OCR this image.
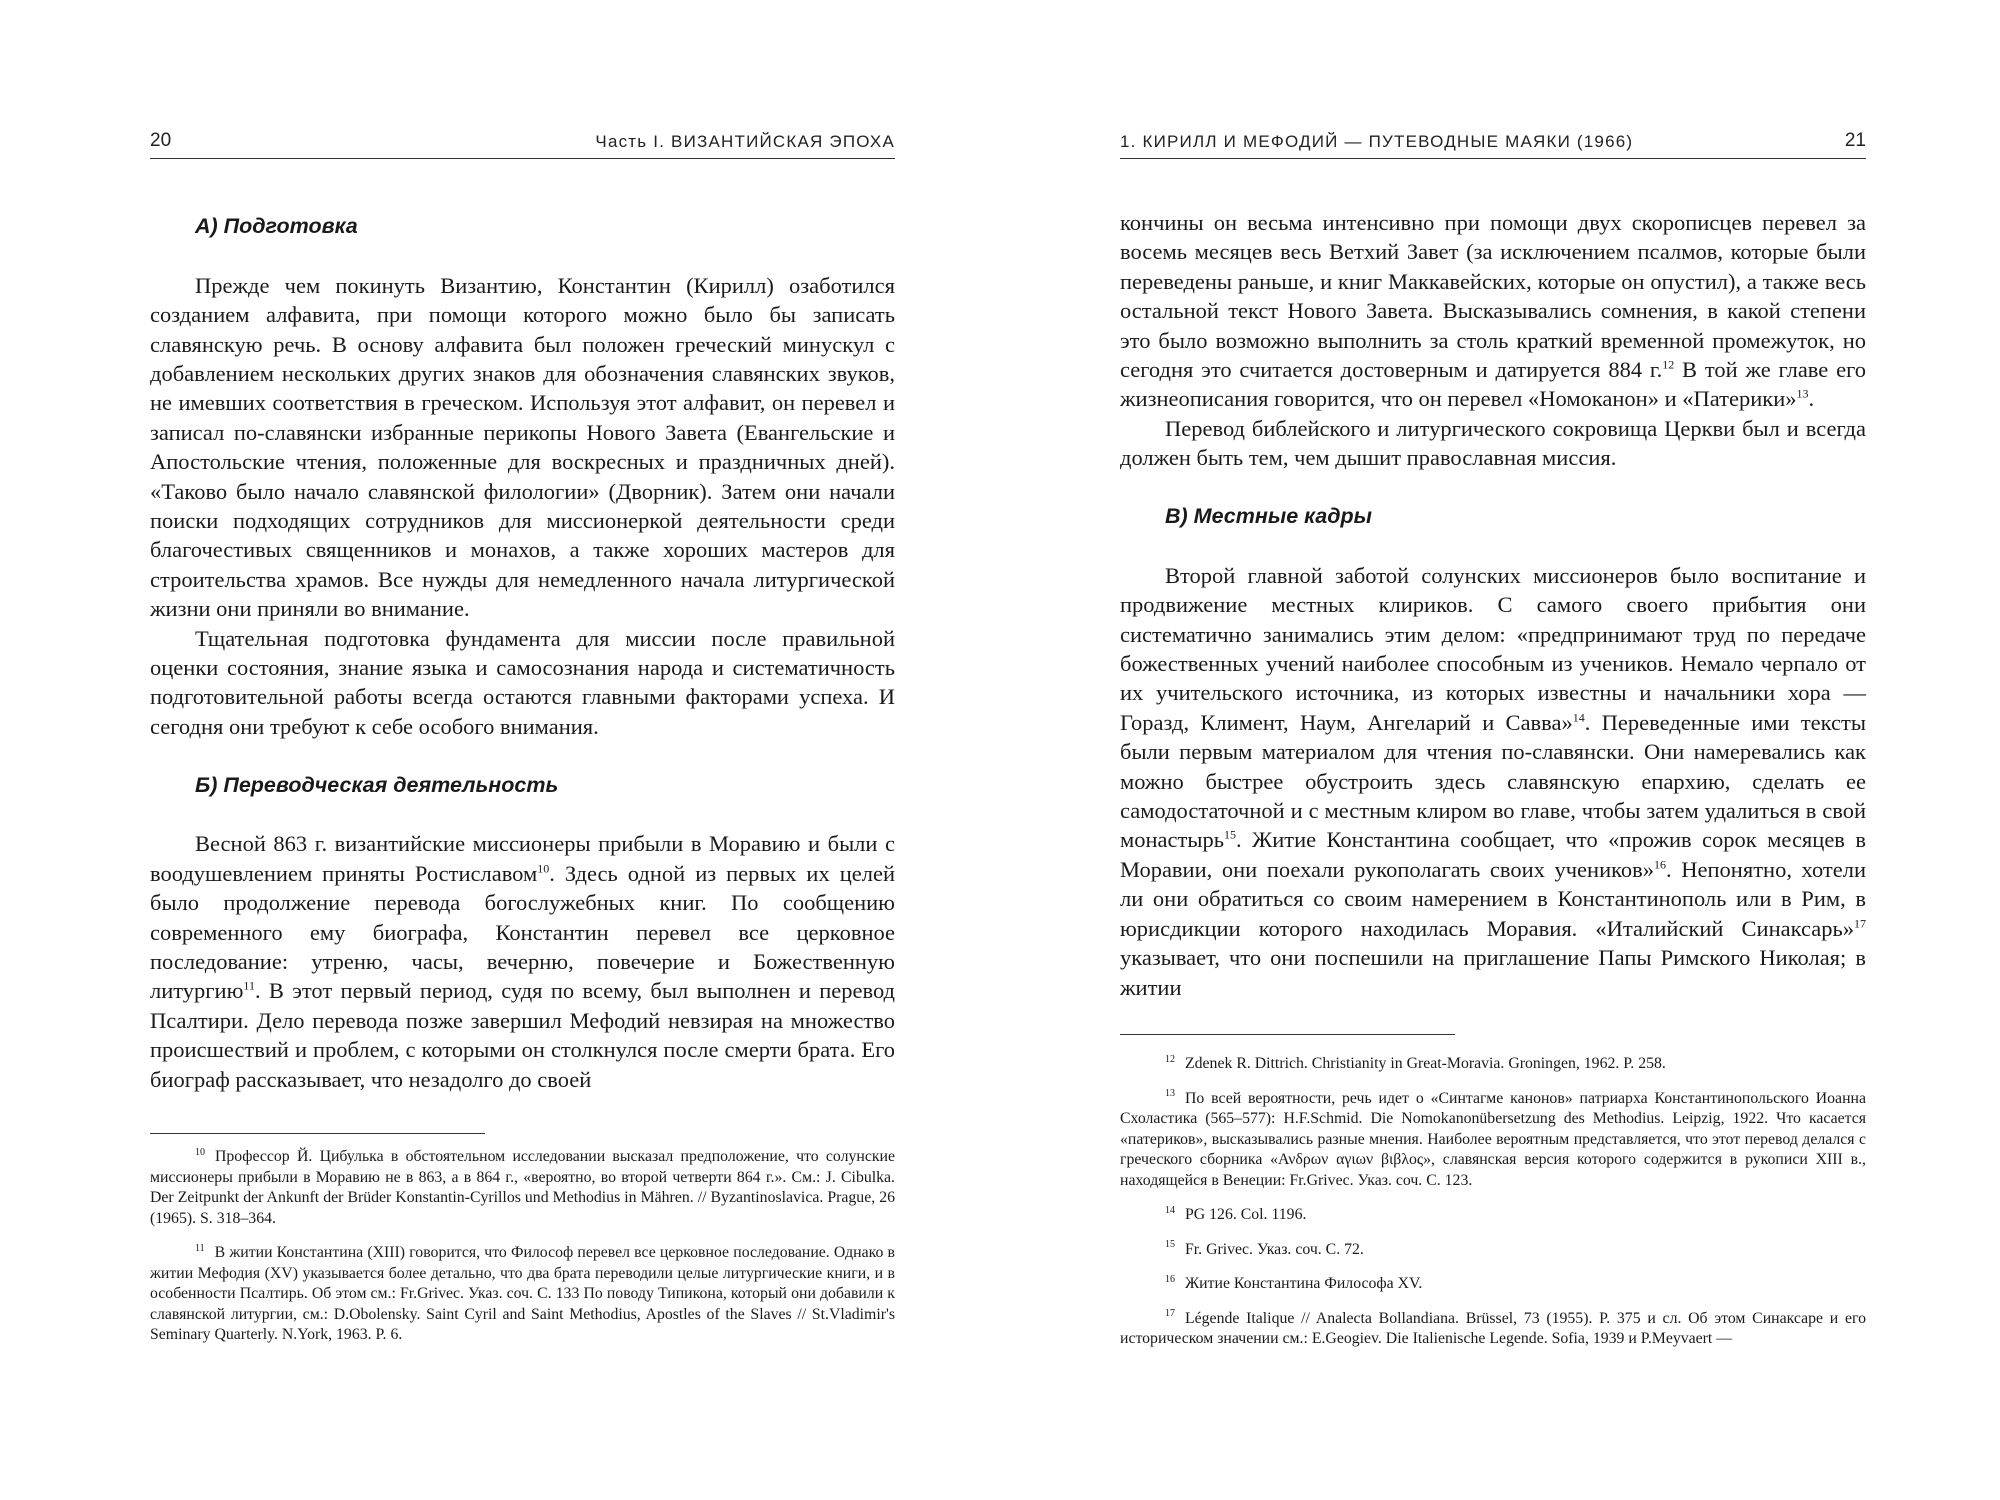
20	Часть I. ВИЗАНТИЙСКАЯ ЭПОХА
А) Подготовка

Прежде чем покинуть Византию, Константин (Кирилл) озаботился созданием алфавита, при помощи которого можно было бы записать славянскую речь. В основу алфавита был положен греческий минускул с добавлением нескольких других знаков для обозначения славянских звуков, не имевших соответствия в греческом. Используя этот алфавит, он перевел и записал по-славянски избранные перикопы Нового Завета (Евангельские и Апостольские чтения, положенные для воскресных и праздничных дней). «Таково было начало славянской филологии» (Дворник). Затем они начали поиски подходящих сотрудников для миссионеркой деятельности среди благочестивых священников и монахов, а также хороших мастеров для строительства храмов. Все нужды для немедленного начала литургической жизни они приняли во внимание.

Тщательная подготовка фундамента для миссии после правильной оценки состояния, знание языка и самосознания народа и систематичность подготовительной работы всегда остаются главными факторами успеха. И сегодня они требуют к себе особого внимания.

Б) Переводческая деятельность

Весной 863 г. византийские миссионеры прибыли в Моравию и были с воодушевлением приняты Ростиславом$^{10}$. Здесь одной из первых их целей было продолжение перевода богослужебных книг. По сообщению современного ему биографа, Константин перевел все церковное последование: утреню, часы, вечерню, повечерие и Божественную литургию$^{11}$. В этот первый период, судя по всему, был выполнен и перевод Псалтири. Дело перевода позже завершил Мефодий невзирая на множество происшествий и проблем, с которыми он столкнулся после смерти брата. Его биограф рассказывает, что незадолго до своей

$^{10}$ Профессор Й. Цибулька в обстоятельном исследовании высказал предположение, что солунские миссионеры прибыли в Моравию не в 863, а в 864 г., «вероятно, во второй четверти 864 г.». См.: J. Cibulka. Der Zeitpunkt der Ankunft der Brüder Konstantin-Cyrillos und Methodius in Mähren. // Byzantinoslavica. Prague, 26 (1965). S. 318–364.

$^{11}$ В житии Константина (XIII) говорится, что Философ перевел все церковное последование. Однако в житии Мефодия (XV) указывается более детально, что два брата переводили целые литургические книги, и в особенности Псалтирь. Об этом см.: Fr.Grivec. Указ. соч. С. 133 По поводу Типикона, который они добавили к славянской литургии, см.: D.Obolensky. Saint Cyril and Saint Methodius, Apostles of the Slaves // St.Vladimir's Seminary Quarterly. N.York, 1963. P. 6.

1. КИРИЛЛ И МЕФОДИЙ — ПУТЕВОДНЫЕ МАЯКИ (1966)	21

кончины он весьма интенсивно при помощи двух скорописцев перевел за восемь месяцев весь Ветхий Завет (за исключением псалмов, которые были переведены раньше, и книг Маккавейских, которые он опустил), а также весь остальной текст Нового Завета. Высказывались сомнения, в какой степени это было возможно выполнить за столь краткий временной промежуток, но сегодня это считается достоверным и датируется 884 г.$^{12}$ В той же главе его жизнеописания говорится, что он перевел «Номоканон» и «Патерики»$^{13}$.

Перевод библейского и литургического сокровища Церкви был и всегда должен быть тем, чем дышит православная миссия.

В) Местные кадры

Второй главной заботой солунских миссионеров было воспитание и продвижение местных клириков. С самого своего прибытия они систематично занимались этим делом: «предпринимают труд по передаче божественных учений наиболее способным из учеников. Немало черпало от их учительского источника, из которых известны и начальники хора — Горазд, Климент, Наум, Ангеларий и Савва»$^{14}$. Переведенные ими тексты были первым материалом для чтения по-славянски. Они намеревались как можно быстрее обустроить здесь славянскую епархию, сделать ее самодостаточной и с местным клиром во главе, чтобы затем удалиться в свой монастырь$^{15}$. Житие Константина сообщает, что «прожив сорок месяцев в Моравии, они поехали рукополагать своих учеников»$^{16}$. Непонятно, хотели ли они обратиться со своим намерением в Константинополь или в Рим, в юрисдикции которого находилась Моравия. «Италийский Синаксарь»$^{17}$ указывает, что они поспешили на приглашение Папы Римского Николая; в житии

$^{12}$ Zdenek R. Dittrich. Christianity in Great-Moravia. Groningen, 1962. P. 258.

$^{13}$ По всей вероятности, речь идет о «Синтагме канонов» патриарха Константинопольского Иоанна Схоластика (565–577): H.F.Schmid. Die Nomokanonübersetzung des Methodius. Leipzig, 1922. Что касается «патериков», высказывались разные мнения. Наиболее вероятным представляется, что этот перевод делался с греческого сборника «Ανδρων αγιων βιβλος», славянская версия которого содержится в рукописи XIII в., находящейся в Венеции: Fr.Grivec. Указ. соч. С. 123.

$^{14}$ PG 126. Col. 1196.

$^{15}$ Fr. Grivec. Указ. соч. С. 72.

$^{16}$ Житие Константина Философа XV.

$^{17}$ Légende Italique // Analecta Bollandiana. Brüssel, 73 (1955). P. 375 и сл. Об этом Синаксаре и его историческом значении см.: E.Geogiev. Die Italienische Legende. Sofia, 1939 и P.Meyvaert —
